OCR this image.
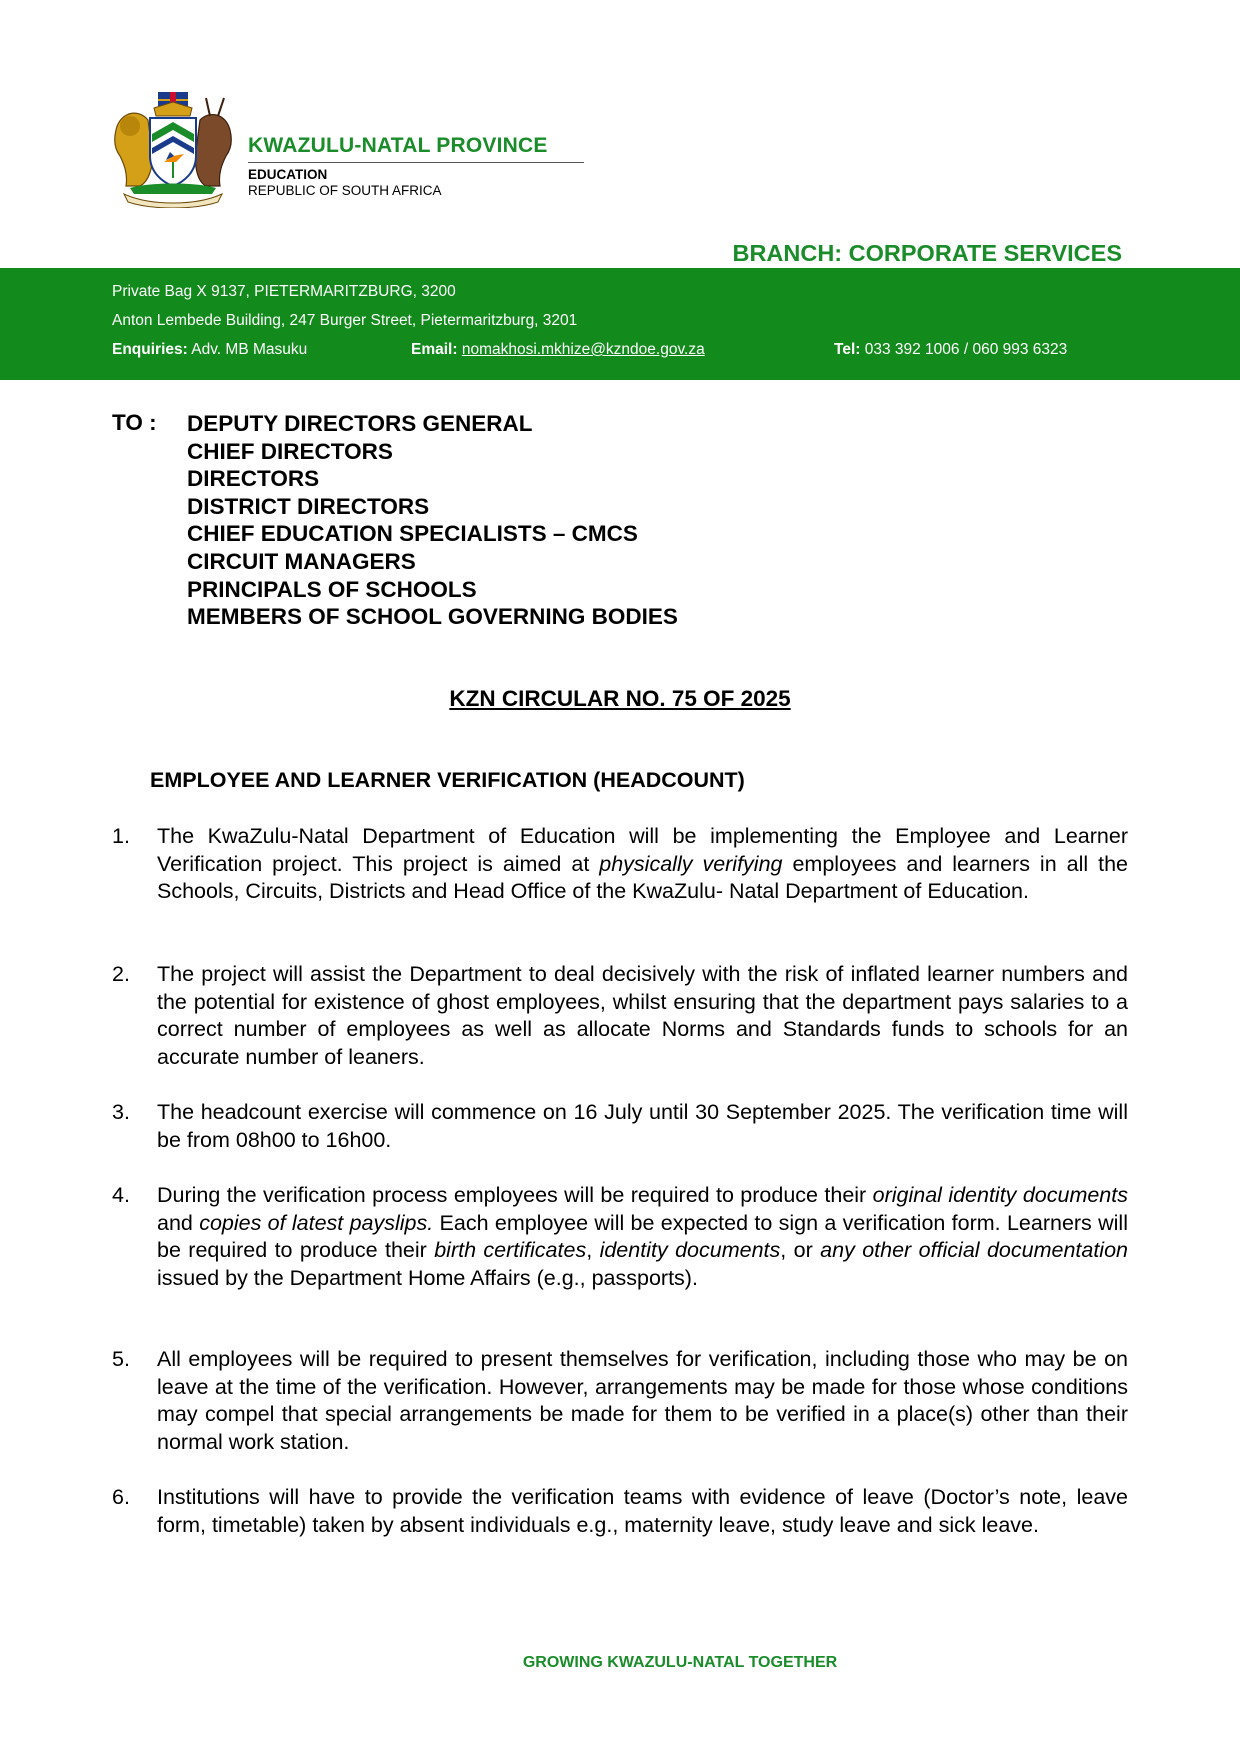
KWAZULU-NATAL PROVINCE
EDUCATION
REPUBLIC OF SOUTH AFRICA
BRANCH: CORPORATE SERVICES
Private Bag X 9137, PIETERMARITZBURG, 3200
Anton Lembede Building, 247 Burger Street, Pietermaritzburg, 3201
Enquiries: Adv. MB Masuku	Email: nomakhosi.mkhize@kzndoe.gov.za	Tel: 033 392 1006 / 060 993 6323
TO : DEPUTY DIRECTORS GENERAL
CHIEF DIRECTORS
DIRECTORS
DISTRICT DIRECTORS
CHIEF EDUCATION SPECIALISTS – CMCS
CIRCUIT MANAGERS
PRINCIPALS OF SCHOOLS
MEMBERS OF SCHOOL GOVERNING BODIES
KZN CIRCULAR NO. 75 OF 2025
EMPLOYEE AND LEARNER VERIFICATION (HEADCOUNT)
1. The KwaZulu-Natal Department of Education will be implementing the Employee and Learner Verification project. This project is aimed at physically verifying employees and learners in all the Schools, Circuits, Districts and Head Office of the KwaZulu- Natal Department of Education.
2. The project will assist the Department to deal decisively with the risk of inflated learner numbers and the potential for existence of ghost employees, whilst ensuring that the department pays salaries to a correct number of employees as well as allocate Norms and Standards funds to schools for an accurate number of leaners.
3. The headcount exercise will commence on 16 July until 30 September 2025. The verification time will be from 08h00 to 16h00.
4. During the verification process employees will be required to produce their original identity documents and copies of latest payslips. Each employee will be expected to sign a verification form. Learners will be required to produce their birth certificates, identity documents, or any other official documentation issued by the Department Home Affairs (e.g., passports).
5. All employees will be required to present themselves for verification, including those who may be on leave at the time of the verification. However, arrangements may be made for those whose conditions may compel that special arrangements be made for them to be verified in a place(s) other than their normal work station.
6. Institutions will have to provide the verification teams with evidence of leave (Doctor’s note, leave form, timetable) taken by absent individuals e.g., maternity leave, study leave and sick leave.
GROWING KWAZULU-NATAL TOGETHER
